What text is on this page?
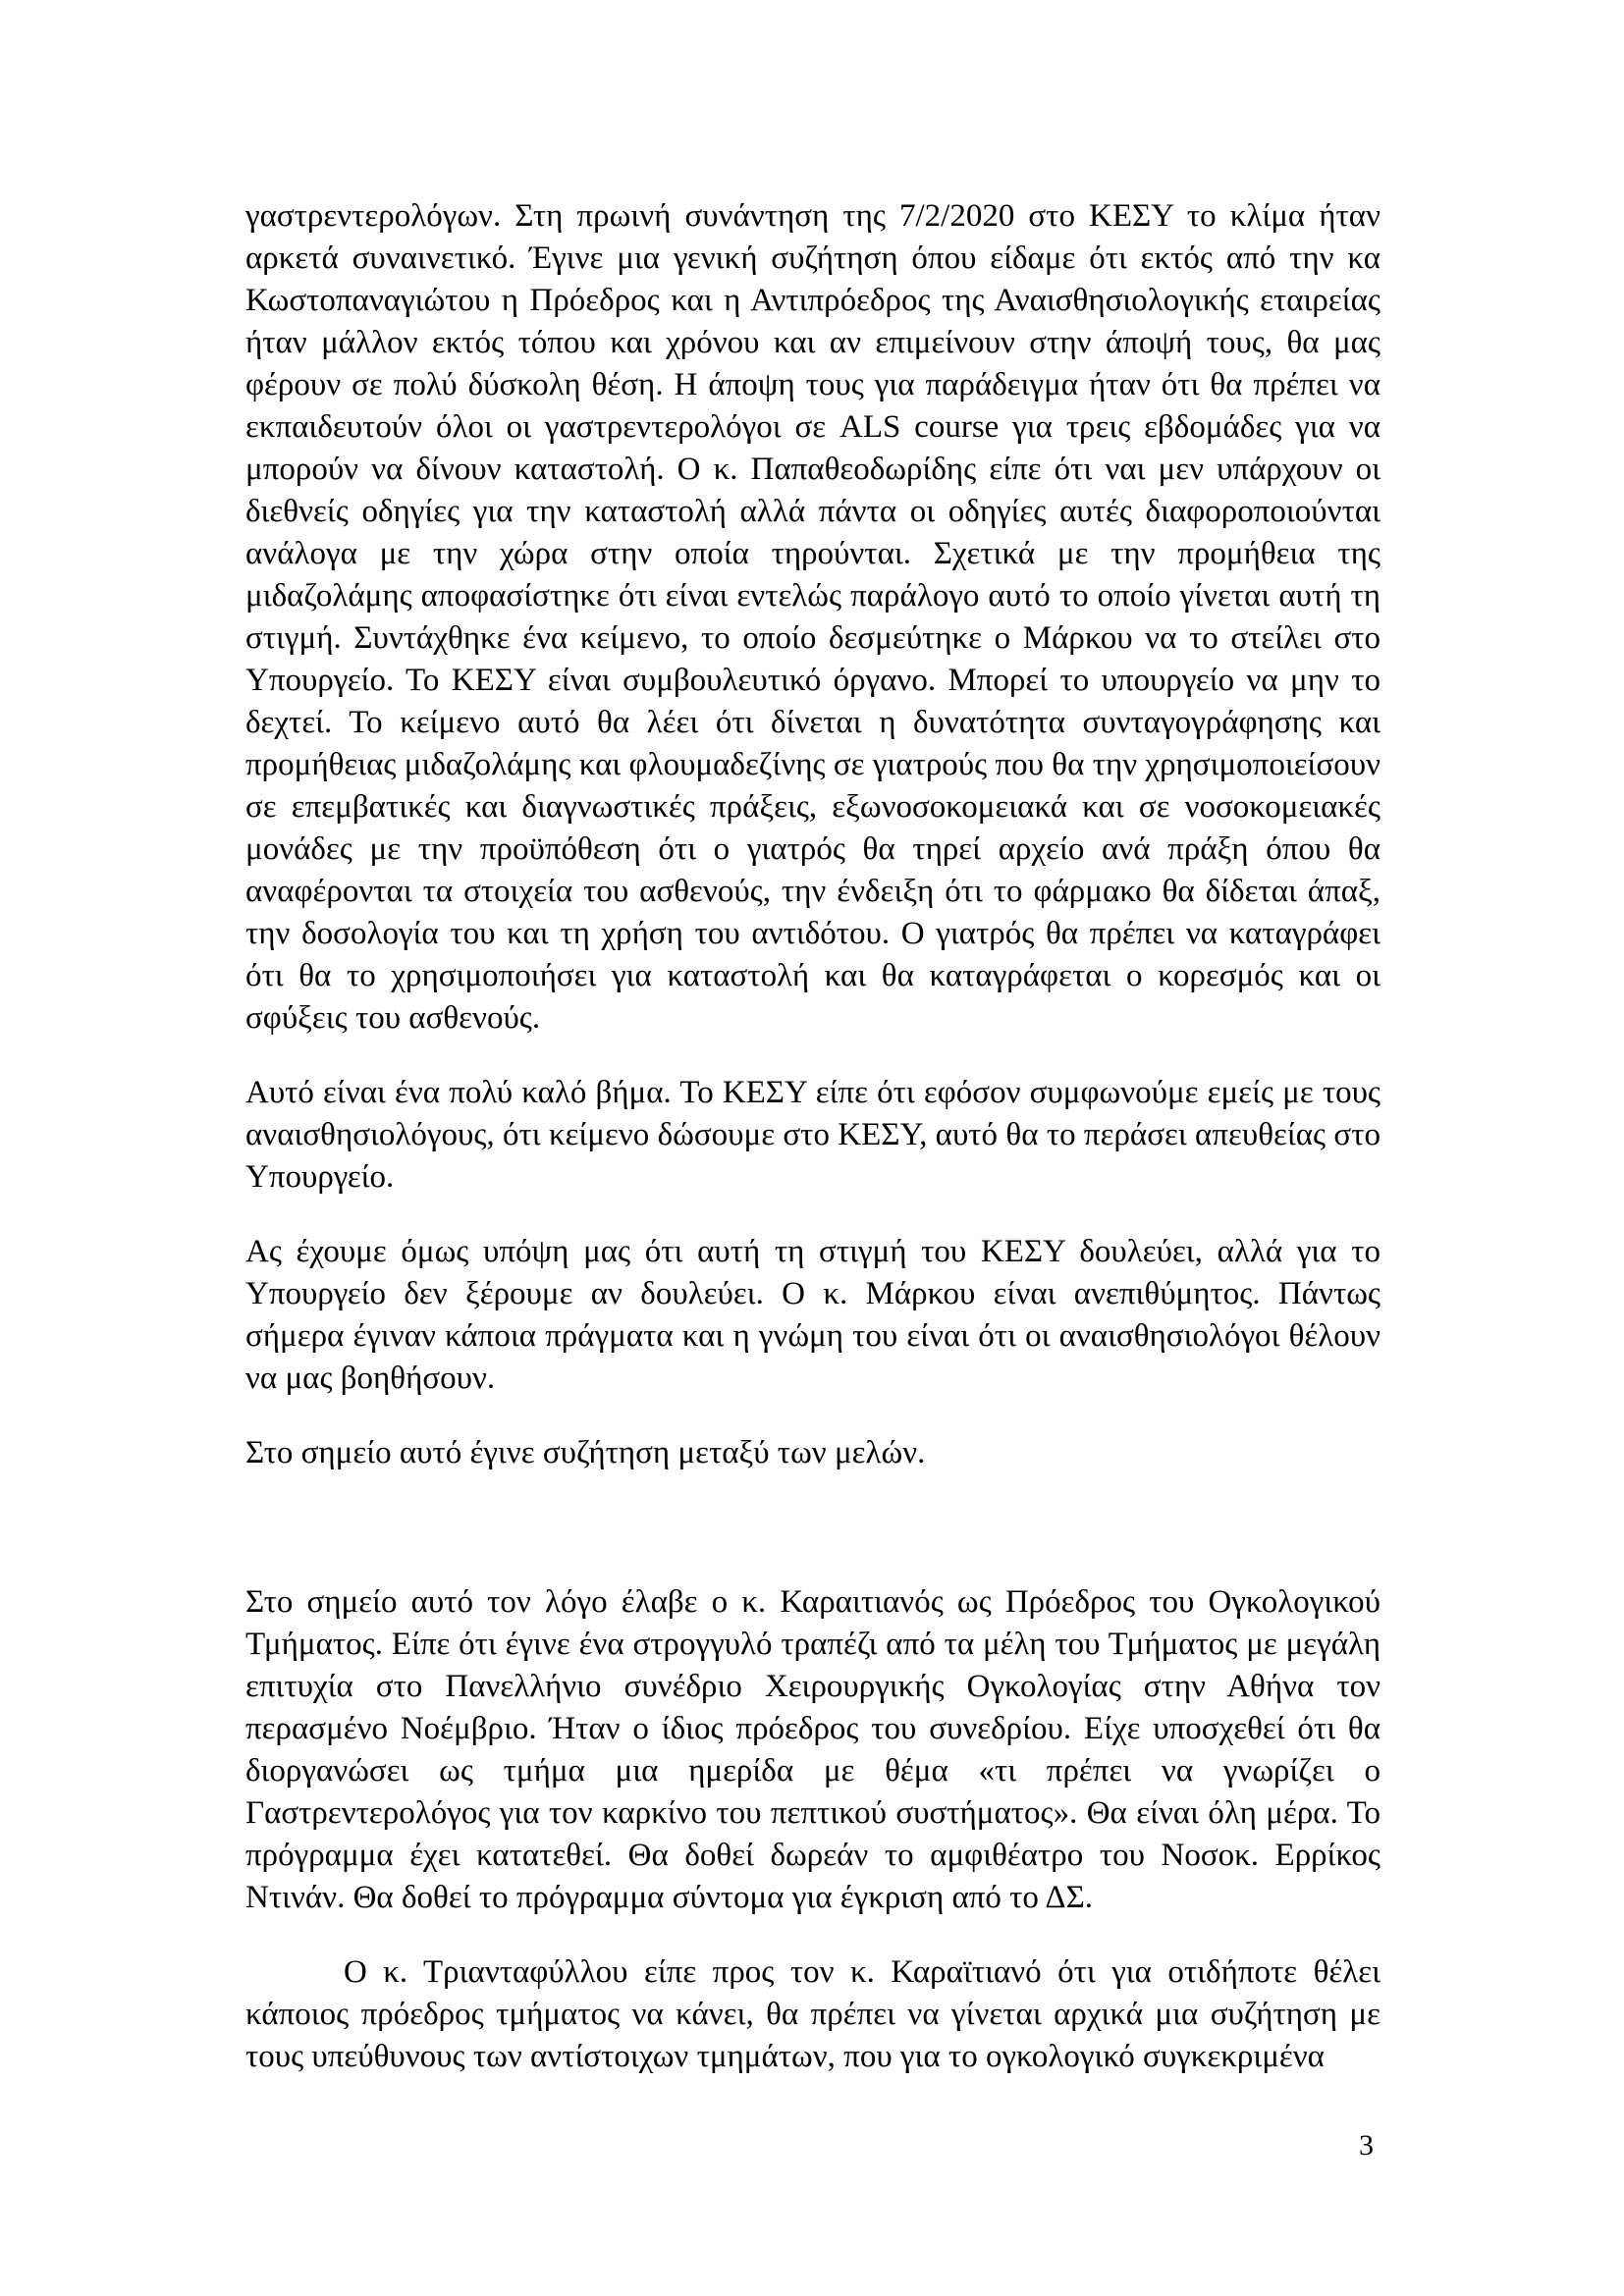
γαστρεντερολόγων. Στη πρωινή συνάντηση της 7/2/2020 στο ΚΕΣΥ το κλίμα ήταν αρκετά συναινετικό. Έγινε μια γενική συζήτηση όπου είδαμε ότι εκτός από την κα Κωστοπαναγιώτου η Πρόεδρος και η Αντιπρόεδρος της Αναισθησιολογικής εταιρείας ήταν μάλλον εκτός τόπου και χρόνου και αν επιμείνουν στην άποψή τους, θα μας φέρουν σε πολύ δύσκολη θέση. Η άποψη τους για παράδειγμα ήταν ότι θα πρέπει να εκπαιδευτούν όλοι οι γαστρεντερολόγοι σε ALS course για τρεις εβδομάδες για να μπορούν να δίνουν καταστολή. Ο κ. Παπαθεοδωρίδης είπε ότι ναι μεν υπάρχουν οι διεθνείς οδηγίες για την καταστολή αλλά πάντα οι οδηγίες αυτές διαφοροποιούνται ανάλογα με την χώρα στην οποία τηρούνται. Σχετικά με την προμήθεια της μιδαζολάμης αποφασίστηκε ότι είναι εντελώς παράλογο αυτό το οποίο γίνεται αυτή τη στιγμή. Συντάχθηκε ένα κείμενο, το οποίο δεσμεύτηκε ο Μάρκου να το στείλει στο Υπουργείο. Το ΚΕΣΥ είναι συμβουλευτικό όργανο. Μπορεί το υπουργείο να μην το δεχτεί. Το κείμενο αυτό θα λέει ότι δίνεται η δυνατότητα συνταγογράφησης και προμήθειας μιδαζολάμης και φλουμαδεζίνης σε γιατρούς που θα την χρησιμοποιείσουν σε επεμβατικές και διαγνωστικές πράξεις, εξωνοσοκομειακά και σε νοσοκομειακές μονάδες με την προϋπόθεση ότι ο γιατρός θα τηρεί αρχείο ανά πράξη όπου θα αναφέρονται τα στοιχεία του ασθενούς, την ένδειξη ότι το φάρμακο θα δίδεται άπαξ, την δοσολογία του και τη χρήση του αντιδότου. Ο γιατρός θα πρέπει να καταγράφει ότι θα το χρησιμοποιήσει για καταστολή και θα καταγράφεται ο κορεσμός και οι σφύξεις του ασθενούς.

Αυτό είναι ένα πολύ καλό βήμα. Το ΚΕΣΥ είπε ότι εφόσον συμφωνούμε εμείς με τους αναισθησιολόγους, ότι κείμενο δώσουμε στο ΚΕΣΥ, αυτό θα το περάσει απευθείας στο Υπουργείο.

Ας έχουμε όμως υπόψη μας ότι αυτή τη στιγμή του ΚΕΣΥ δουλεύει, αλλά για το Υπουργείο δεν ξέρουμε αν δουλεύει. Ο κ. Μάρκου είναι ανεπιθύμητος. Πάντως σήμερα έγιναν κάποια πράγματα και η γνώμη του είναι ότι οι αναισθησιολόγοι θέλουν να μας βοηθήσουν.

Στο σημείο αυτό έγινε συζήτηση μεταξύ των μελών.

Στο σημείο αυτό τον λόγο έλαβε ο κ. Καραιτιανός ως Πρόεδρος του Ογκολογικού Τμήματος. Είπε ότι έγινε ένα στρογγυλό τραπέζι από τα μέλη του Τμήματος με μεγάλη επιτυχία στο Πανελλήνιο συνέδριο Χειρουργικής Ογκολογίας στην Αθήνα τον περασμένο Νοέμβριο. Ήταν ο ίδιος πρόεδρος του συνεδρίου. Είχε υποσχεθεί ότι θα διοργανώσει ως τμήμα μια ημερίδα με θέμα «τι πρέπει να γνωρίζει ο Γαστρεντερολόγος για τον καρκίνο του πεπτικού συστήματος». Θα είναι όλη μέρα. Το πρόγραμμα έχει κατατεθεί. Θα δοθεί δωρεάν το αμφιθέατρο του Νοσοκ. Ερρίκος Ντινάν. Θα δοθεί το πρόγραμμα σύντομα για έγκριση από το ΔΣ.

Ο κ. Τριανταφύλλου είπε προς τον κ. Καραϊτιανό ότι για οτιδήποτε θέλει κάποιος πρόεδρος τμήματος να κάνει, θα πρέπει να γίνεται αρχικά μια συζήτηση με τους υπεύθυνους των αντίστοιχων τμημάτων, που για το ογκολογικό συγκεκριμένα

3
